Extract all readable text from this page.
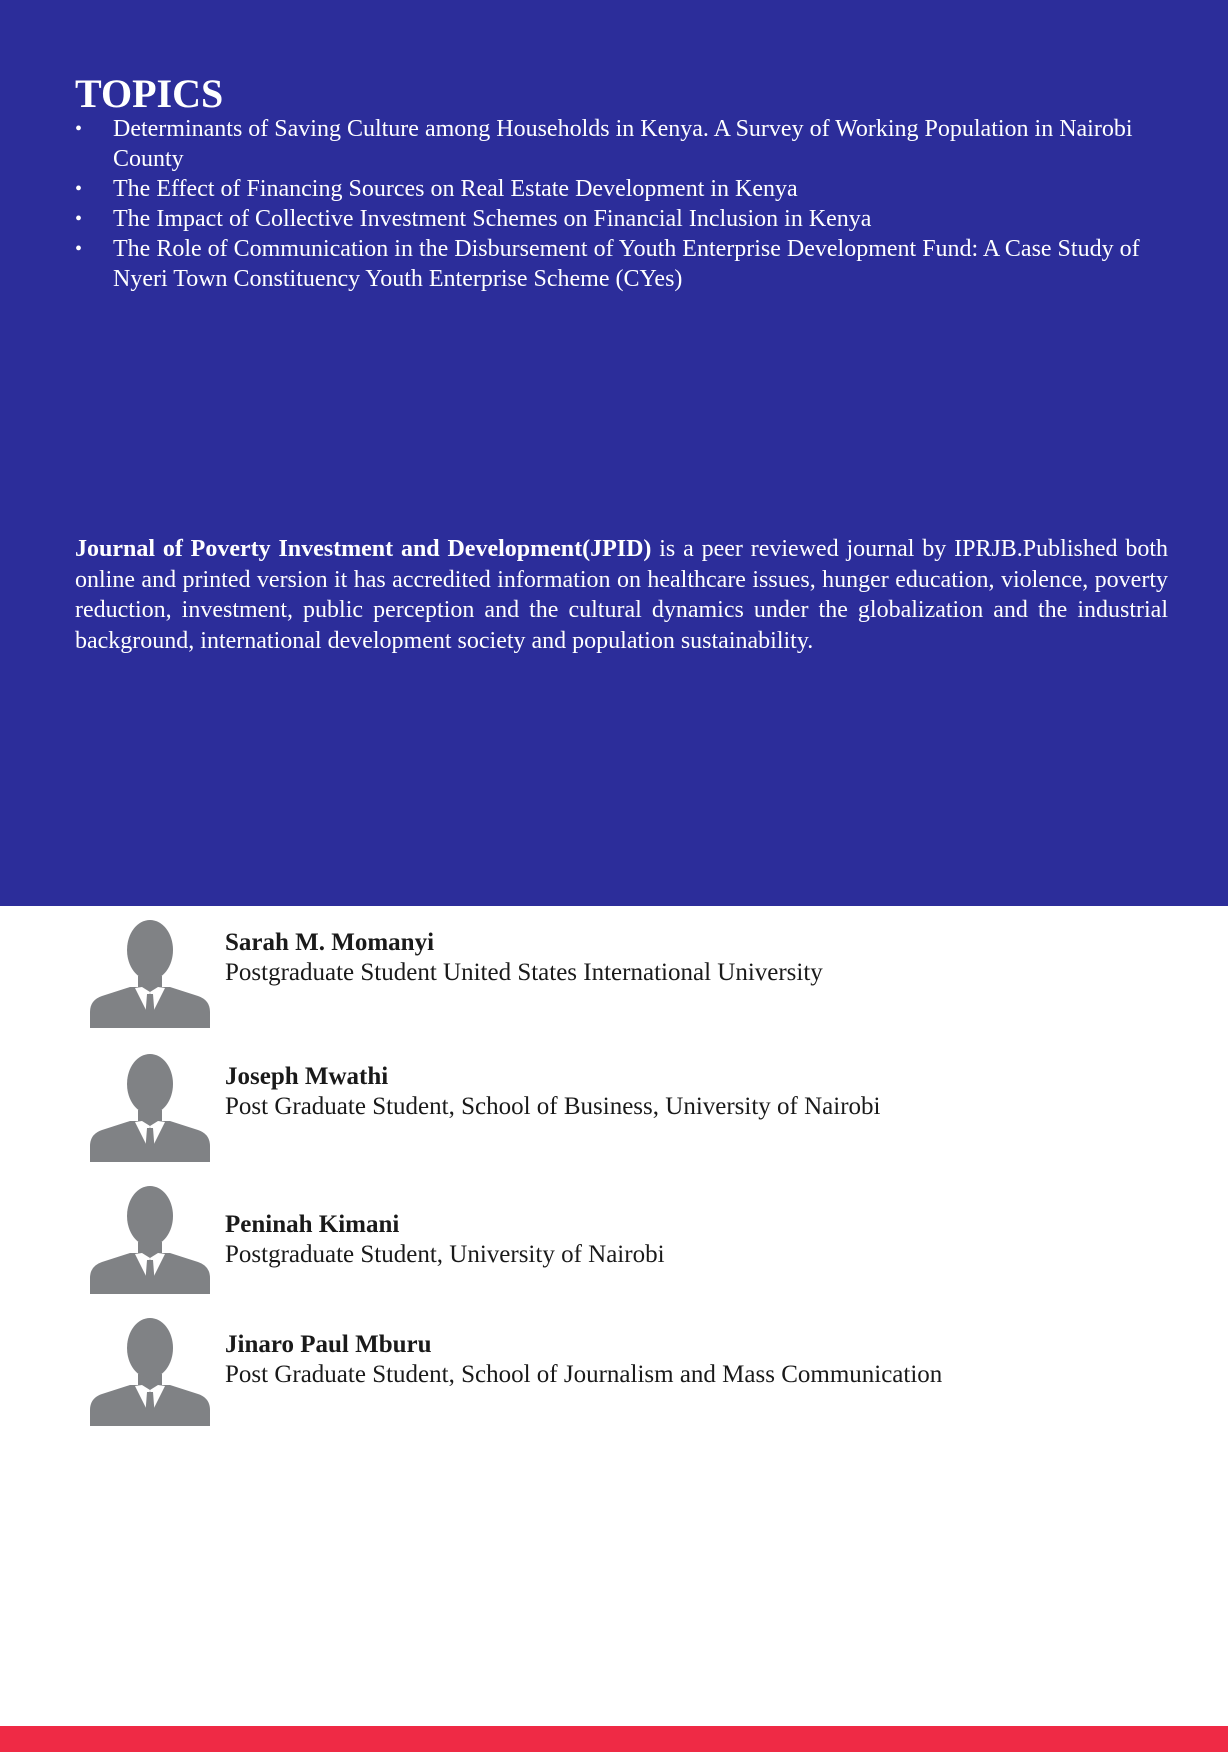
TOPICS
• Determinants of Saving Culture among Households in Kenya. A Survey of Working Population in Nairobi County
• The Effect of Financing Sources on Real Estate Development in Kenya
• The Impact of Collective Investment Schemes on Financial Inclusion in Kenya
• The Role of Communication in the Disbursement of Youth Enterprise Development Fund: A Case Study of Nyeri Town Constituency Youth Enterprise Scheme (CYes)

Journal of Poverty Investment and Development(JPID) is a peer reviewed journal by IPRJB.Published both online and printed version it has accredited information on healthcare issues, hunger education, violence, poverty reduction, investment, public perception and the cultural dynamics under the globalization and the industrial background, international development society and population sustainability.

Sarah M. Momanyi

Postgraduate Student United States International University

Joseph Mwathi

Post Graduate Student, School of Business, University of Nairobi

Peninah Kimani

Postgraduate Student, University of Nairobi

Jinaro Paul Mburu

Post Graduate Student, School of Journalism and Mass Communication
